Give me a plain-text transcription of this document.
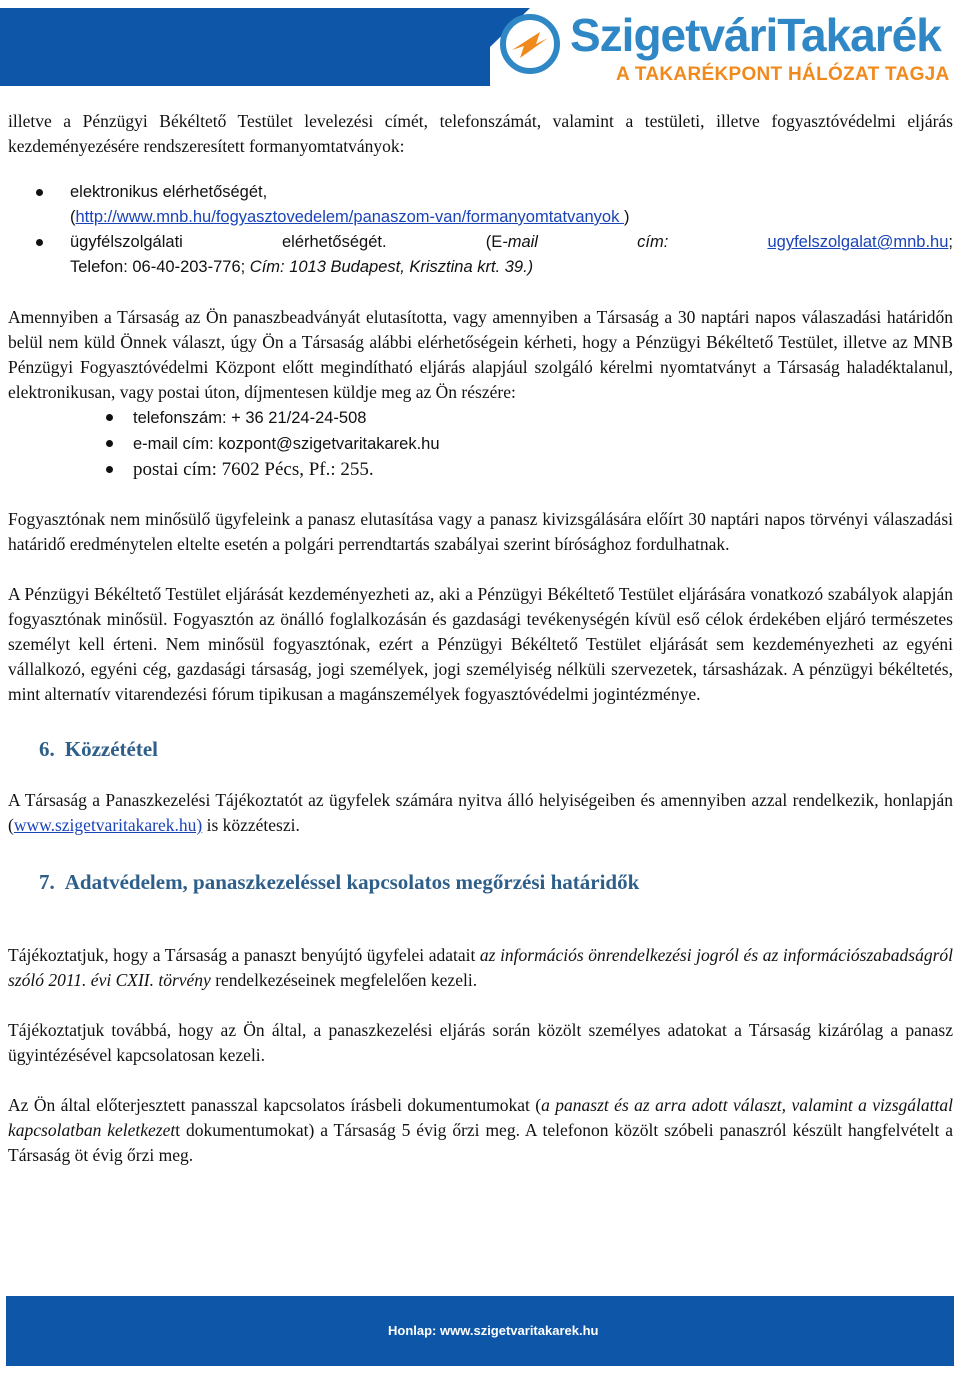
SzigetváriTakarék
A TAKARÉKPONT HÁLÓZAT TAGJA

illetve a Pénzügyi Békéltető Testület levelezési címét, telefonszámát, valamint a testületi, illetve fogyasztóvédelmi eljárás kezdeményezésére rendszeresített formanyomtatványok:

elektronikus elérhetőségét,
(http://www.mnb.hu/fogyasztovedelem/panaszom-van/formanyomtatvanyok )
ügyfélszolgálati elérhetőségét. (E-mail cím: ugyfelszolgalat@mnb.hu;
Telefon: 06-40-203-776; Cím: 1013 Budapest, Krisztina krt. 39.)

Amennyiben a Társaság az Ön panaszbeadványát elutasította, vagy amennyiben a Társaság a 30 naptári napos válaszadási határidőn belül nem küld Önnek választ, úgy Ön a Társaság alábbi elérhetőségein kérheti, hogy a Pénzügyi Békéltető Testület, illetve az MNB Pénzügyi Fogyasztóvédelmi Központ előtt megindítható eljárás alapjául szolgáló kérelmi nyomtatványt a Társaság haladéktalanul, elektronikusan, vagy postai úton, díjmentesen küldje meg az Ön részére:

telefonszám: + 36 21/24-24-508
e-mail cím: kozpont@szigetvaritakarek.hu
postai cím: 7602 Pécs, Pf.: 255.

Fogyasztónak nem minősülő ügyfeleink a panasz elutasítása vagy a panasz kivizsgálására előírt 30 naptári napos törvényi válaszadási határidő eredménytelen eltelte esetén a polgári perrendtartás szabályai szerint bírósághoz fordulhatnak.

A Pénzügyi Békéltető Testület eljárását kezdeményezheti az, aki a Pénzügyi Békéltető Testület eljárására vonatkozó szabályok alapján fogyasztónak minősül. Fogyasztón az önálló foglalkozásán és gazdasági tevékenységén kívül eső célok érdekében eljáró természetes személyt kell érteni. Nem minősül fogyasztónak, ezért a Pénzügyi Békéltető Testület eljárását sem kezdeményezheti az egyéni vállalkozó, egyéni cég, gazdasági társaság, jogi személyek, jogi személyiség nélküli szervezetek, társasházak. A pénzügyi békéltetés, mint alternatív vitarendezési fórum tipikusan a magánszemélyek fogyasztóvédelmi jogintézménye.

6. Közzététel

A Társaság a Panaszkezelési Tájékoztatót az ügyfelek számára nyitva álló helyiségeiben és amennyiben azzal rendelkezik, honlapján (www.szigetvaritakarek.hu) is közzéteszi.

7. Adatvédelem, panaszkezeléssel kapcsolatos megőrzési határidők

Tájékoztatjuk, hogy a Társaság a panaszt benyújtó ügyfelei adatait az információs önrendelkezési jogról és az információszabadságról szóló 2011. évi CXII. törvény rendelkezéseinek megfelelően kezeli.

Tájékoztatjuk továbbá, hogy az Ön által, a panaszkezelési eljárás során közölt személyes adatokat a Társaság kizárólag a panasz ügyintézésével kapcsolatosan kezeli.

Az Ön által előterjesztett panasszal kapcsolatos írásbeli dokumentumokat (a panaszt és az arra adott választ, valamint a vizsgálattal kapcsolatban keletkezett dokumentumokat) a Társaság 5 évig őrzi meg. A telefonon közölt szóbeli panaszról készült hangfelvételt a Társaság öt évig őrzi meg.

Honlap: www.szigetvaritakarek.hu
